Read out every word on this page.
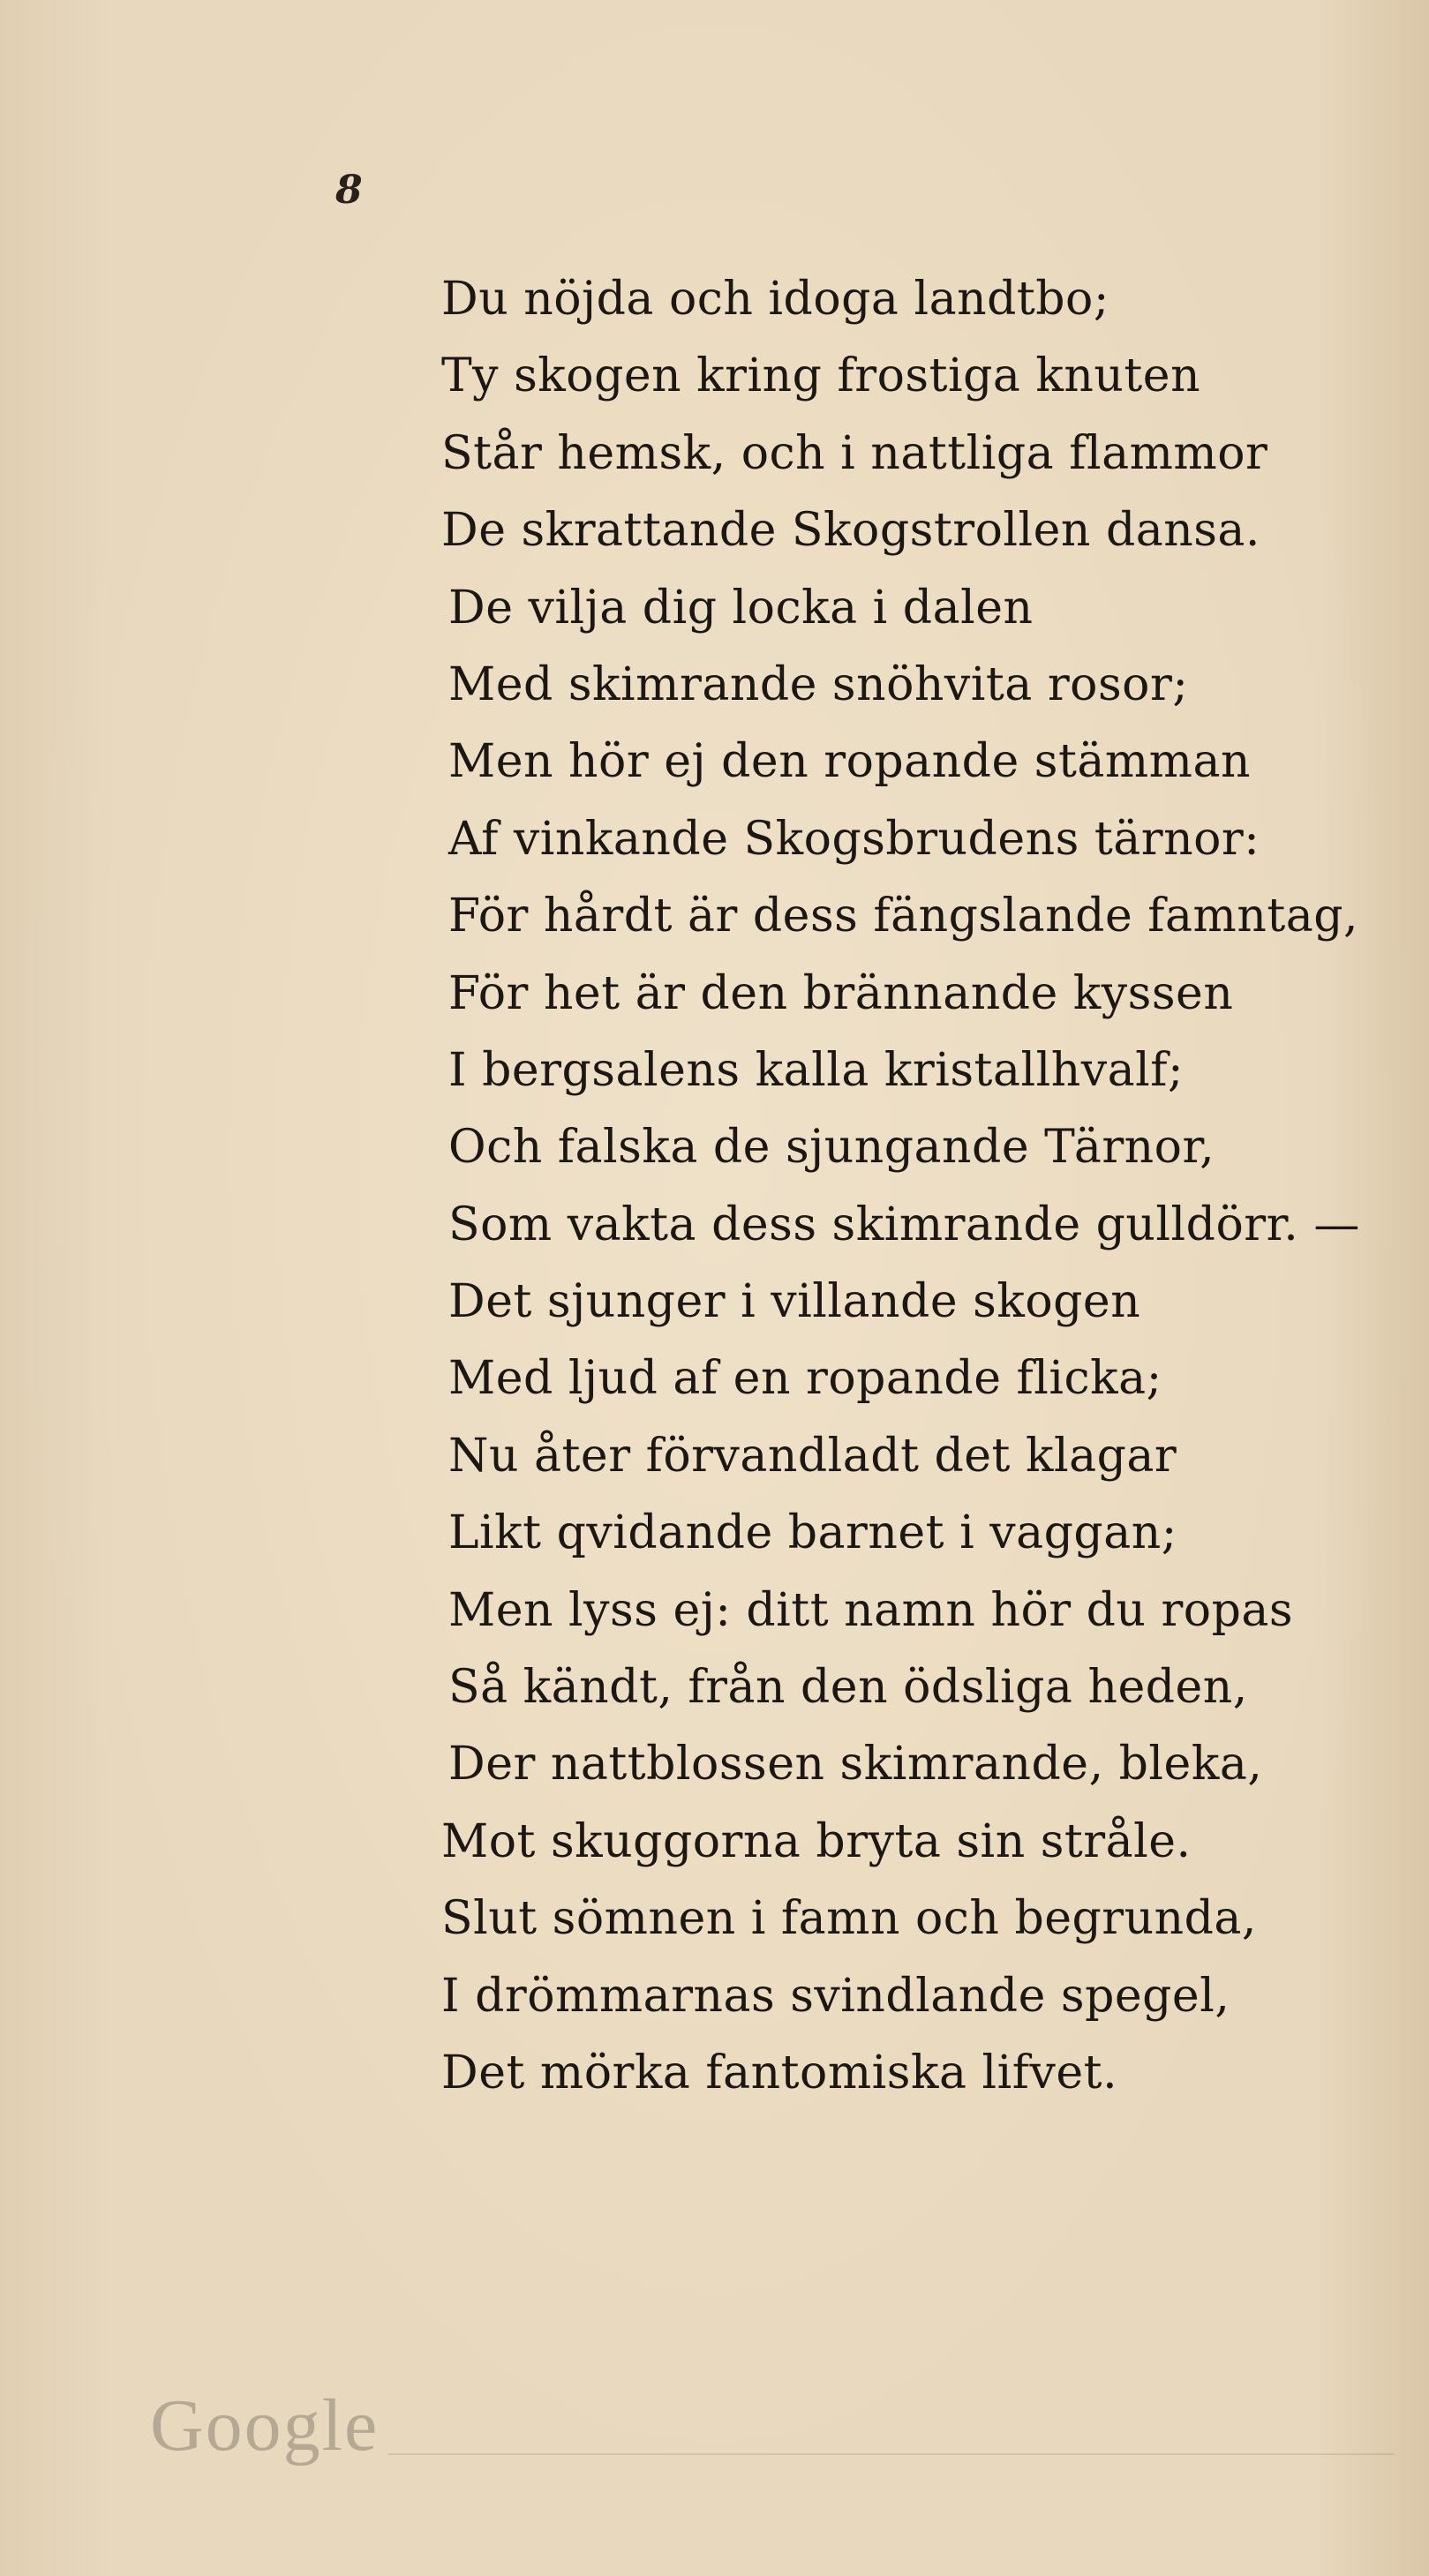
8
Du nöjda och idoga landtbo;
Ty skogen kring frostiga knuten
Står hemsk, och i nattliga flammor
De skrattande Skogstrollen dansa.
De vilja dig locka i dalen
Med skimrande snöhvita rosor;
Men hör ej den ropande stämman
Af vinkande Skogsbrudens tärnor:
För hårdt är dess fängslande famntag,
För het är den brännande kyssen
I bergsalens kalla kristallhvalf;
Och falska de sjungande Tärnor,
Som vakta dess skimrande gulldörr. —
Det sjunger i villande skogen
Med ljud af en ropande flicka;
Nu åter förvandladt det klagar
Likt qvidande barnet i vaggan;
Men lyss ej: ditt namn hör du ropas
Så kändt, från den ödsliga heden,
Der nattblossen skimrande, bleka,
Mot skuggorna bryta sin stråle.
Slut sömnen i famn och begrunda,
I drömmarnas svindlande spegel,
Det mörka fantomiska lifvet.
Google
